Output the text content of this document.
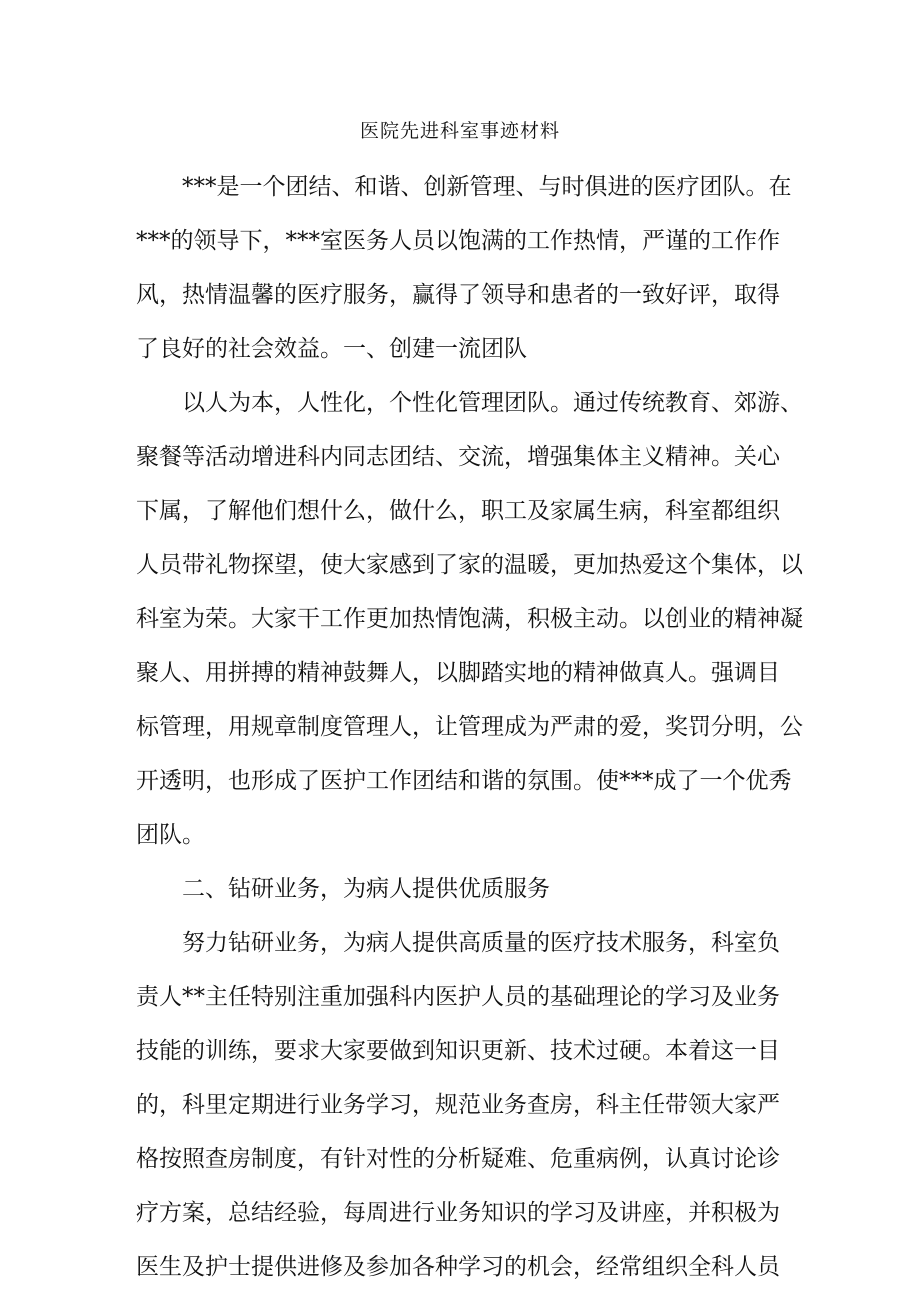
医院先进科室事迹材料
***是一个团结、和谐、创新管理、与时俱进的医疗团队。在
***的领导下，***室医务人员以饱满的工作热情，严谨的工作作
风，热情温馨的医疗服务，赢得了领导和患者的一致好评，取得
了良好的社会效益。一、创建一流团队
以人为本，人性化，个性化管理团队。通过传统教育、郊游、
聚餐等活动增进科内同志团结、交流，增强集体主义精神。关心
下属，了解他们想什么，做什么，职工及家属生病，科室都组织
人员带礼物探望，使大家感到了家的温暖，更加热爱这个集体，以
科室为荣。大家干工作更加热情饱满，积极主动。以创业的精神凝
聚人、用拼搏的精神鼓舞人，以脚踏实地的精神做真人。强调目
标管理，用规章制度管理人，让管理成为严肃的爱，奖罚分明，公
开透明，也形成了医护工作团结和谐的氛围。使***成了一个优秀
团队。
二、钻研业务，为病人提供优质服务
努力钻研业务，为病人提供高质量的医疗技术服务，科室负
责人**主任特别注重加强科内医护人员的基础理论的学习及业务
技能的训练，要求大家要做到知识更新、技术过硬。本着这一目
的，科里定期进行业务学习，规范业务查房，科主任带领大家严
格按照查房制度，有针对性的分析疑难、危重病例，认真讨论诊
疗方案，总结经验，每周进行业务知识的学习及讲座，并积极为
医生及护士提供进修及参加各种学习的机会，经常组织全科人员
